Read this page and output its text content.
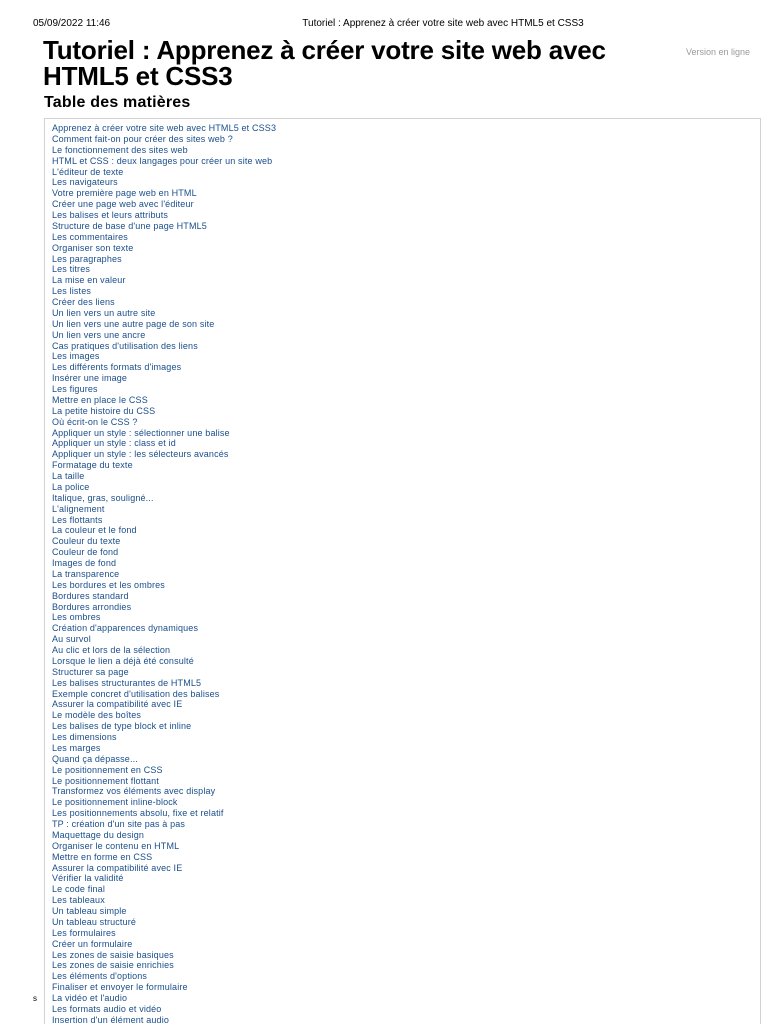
05/09/2022 11:46	Tutoriel : Apprenez à créer votre site web avec HTML5 et CSS3
Tutoriel : Apprenez à créer votre site web avec HTML5 et CSS3
Version en ligne
Table des matières
Apprenez à créer votre site web avec HTML5 et CSS3
Comment fait-on pour créer des sites web ?
Le fonctionnement des sites web
HTML et CSS : deux langages pour créer un site web
L'éditeur de texte
Les navigateurs
Votre première page web en HTML
Créer une page web avec l'éditeur
Les balises et leurs attributs
Structure de base d'une page HTML5
Les commentaires
Organiser son texte
Les paragraphes
Les titres
La mise en valeur
Les listes
Créer des liens
Un lien vers un autre site
Un lien vers une autre page de son site
Un lien vers une ancre
Cas pratiques d'utilisation des liens
Les images
Les différents formats d'images
Insérer une image
Les figures
Mettre en place le CSS
La petite histoire du CSS
Où écrit-on le CSS ?
Appliquer un style : sélectionner une balise
Appliquer un style : class et id
Appliquer un style : les sélecteurs avancés
Formatage du texte
La taille
La police
Italique, gras, souligné...
L'alignement
Les flottants
La couleur et le fond
Couleur du texte
Couleur de fond
Images de fond
La transparence
Les bordures et les ombres
Bordures standard
Bordures arrondies
Les ombres
Création d'apparences dynamiques
Au survol
Au clic et lors de la sélection
Lorsque le lien a déjà été consulté
Structurer sa page
Les balises structurantes de HTML5
Exemple concret d'utilisation des balises
Assurer la compatibilité avec IE
Le modèle des boîtes
Les balises de type block et inline
Les dimensions
Les marges
Quand ça dépasse...
Le positionnement en CSS
Le positionnement flottant
Transformez vos éléments avec display
Le positionnement inline-block
Les positionnements absolu, fixe et relatif
TP : création d'un site pas à pas
Maquettage du design
Organiser le contenu en HTML
Mettre en forme en CSS
Assurer la compatibilité avec IE
Vérifier la validité
Le code final
Les tableaux
Un tableau simple
Un tableau structuré
Les formulaires
Créer un formulaire
Les zones de saisie basiques
Les zones de saisie enrichies
Les éléments d'options
Finaliser et envoyer le formulaire
La vidéo et l'audio
Les formats audio et vidéo
Insertion d'un élément audio
s
